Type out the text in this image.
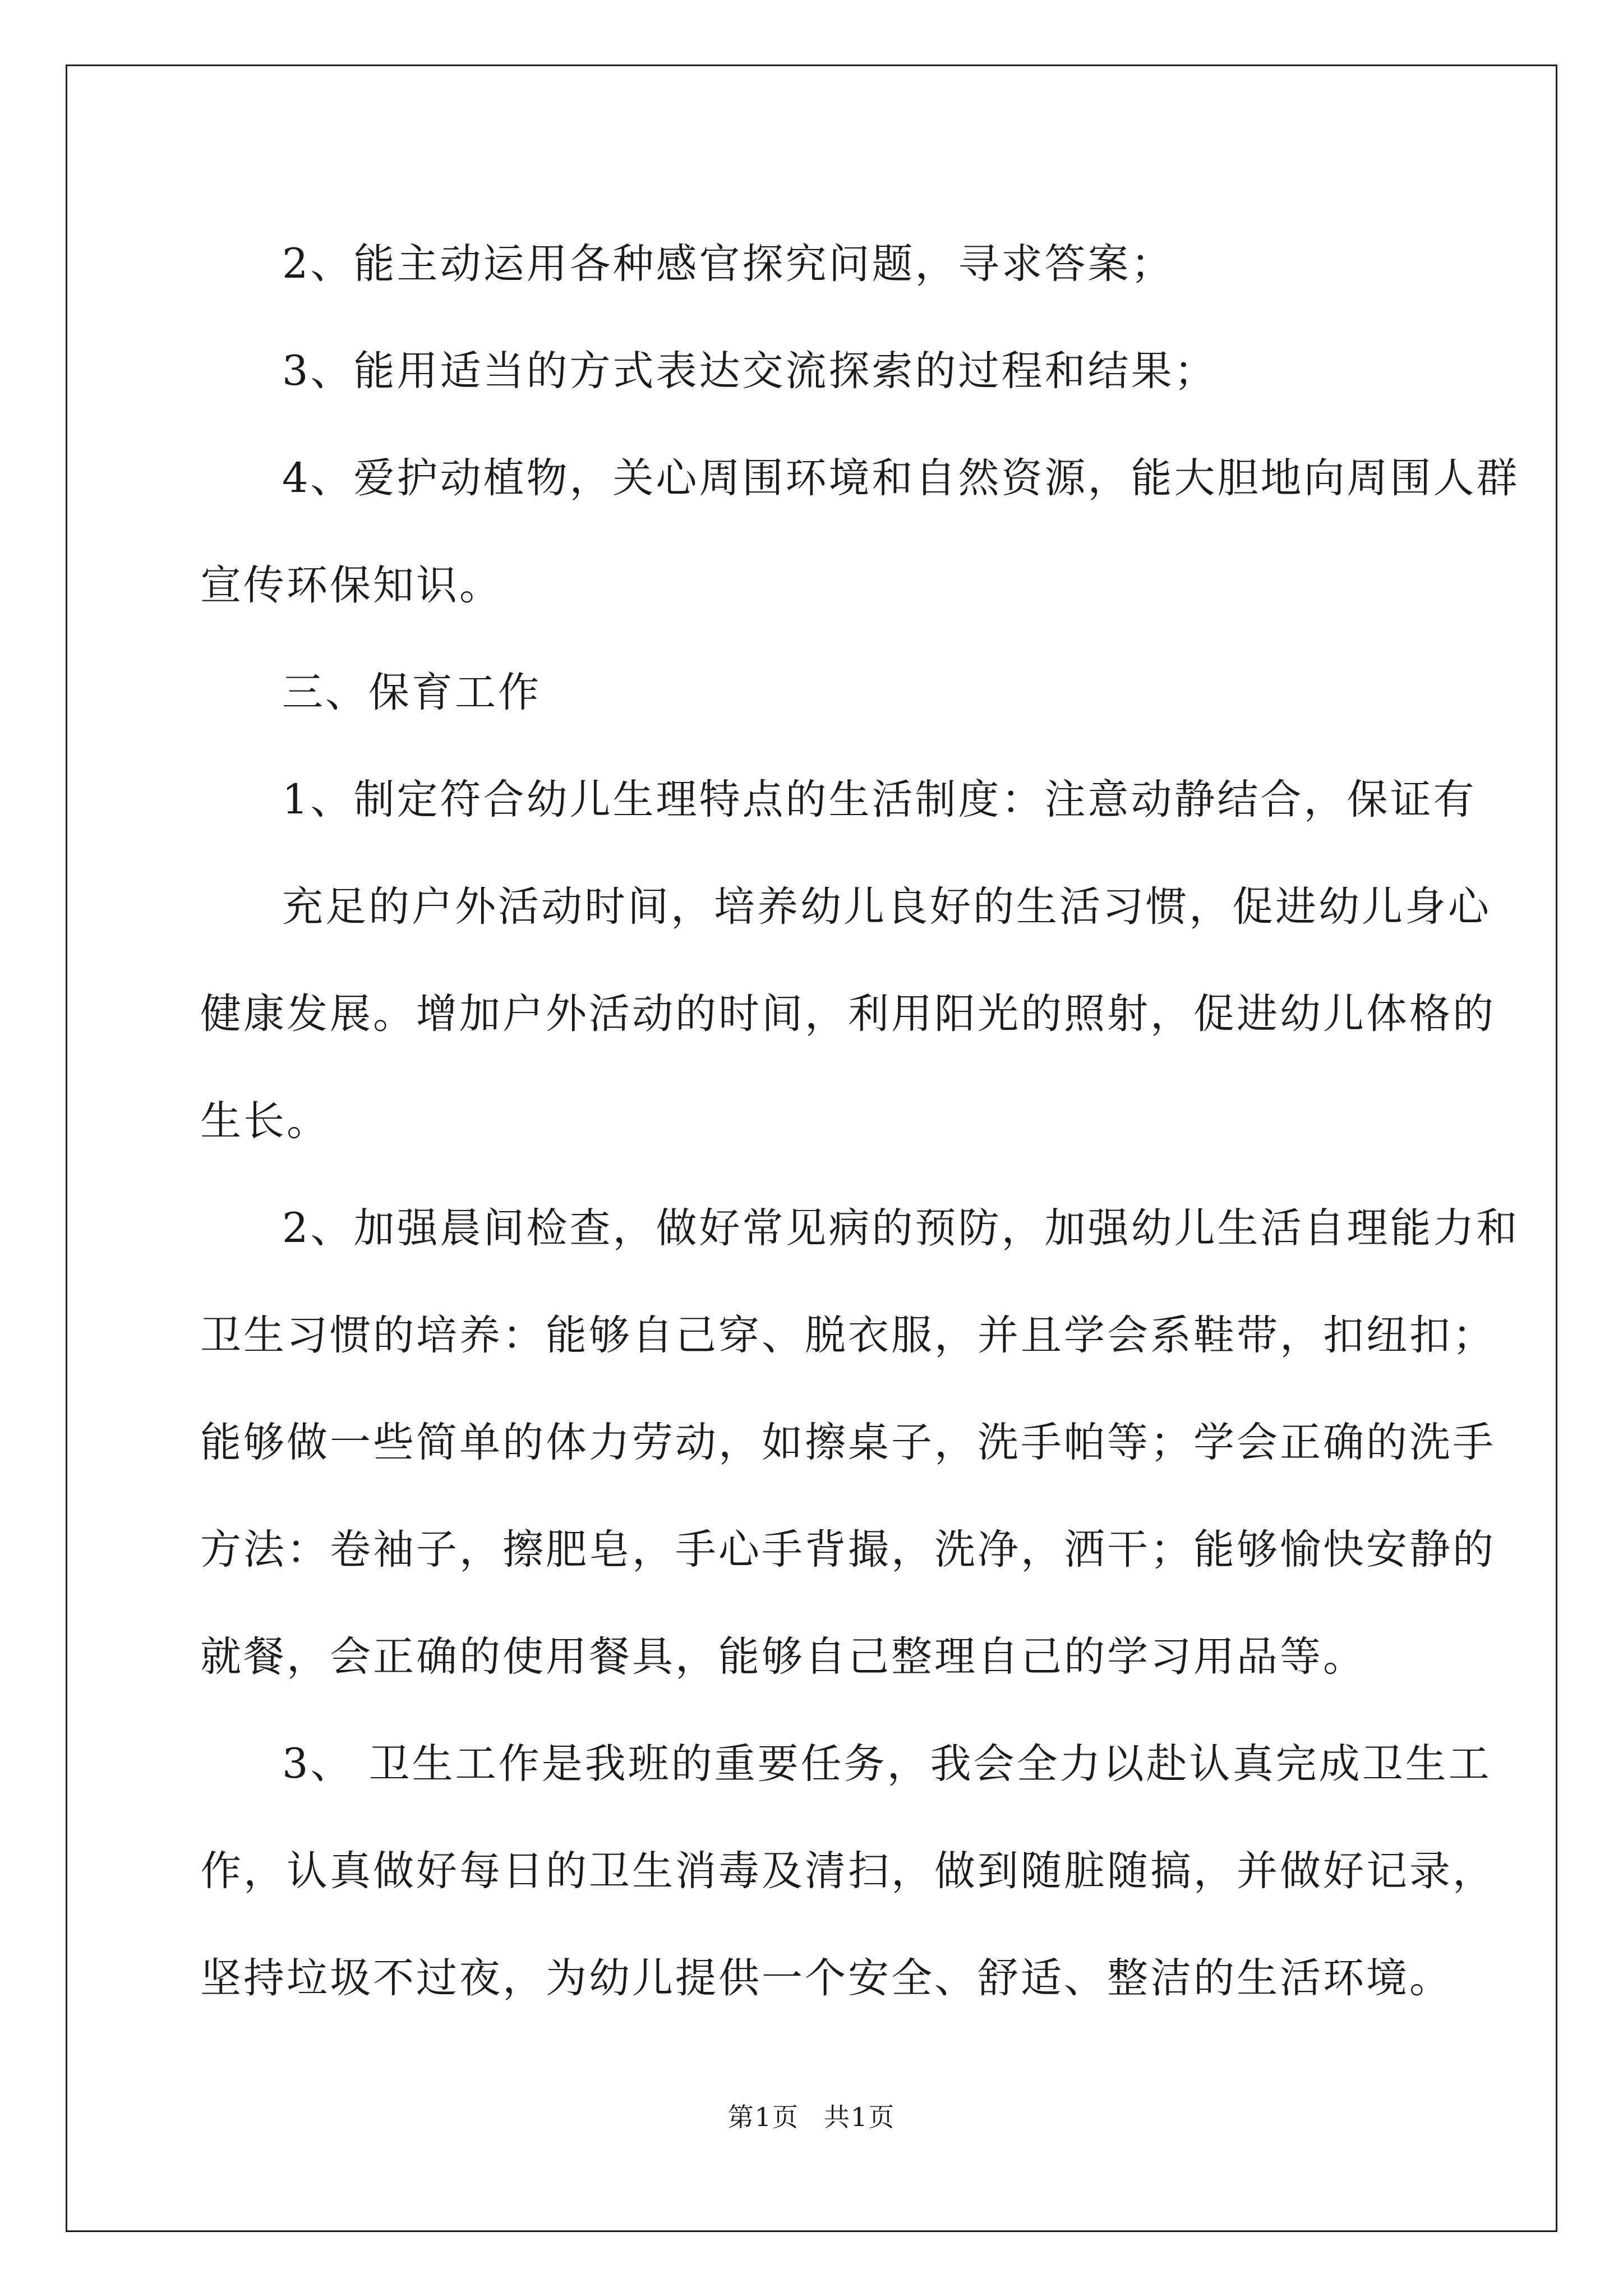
2、能主动运用各种感官探究问题，寻求答案；

3、能用适当的方式表达交流探索的过程和结果；

4、爱护动植物，关心周围环境和自然资源，能大胆地向周围人群

宣传环保知识。

三、保育工作

1、制定符合幼儿生理特点的生活制度：注意动静结合，保证有

充足的户外活动时间，培养幼儿良好的生活习惯，促进幼儿身心

健康发展。增加户外活动的时间，利用阳光的照射，促进幼儿体格的

生长。

2、加强晨间检查，做好常见病的预防，加强幼儿生活自理能力和

卫生习惯的培养：能够自己穿、脱衣服，并且学会系鞋带，扣纽扣；

能够做一些简单的体力劳动，如擦桌子，洗手帕等；学会正确的洗手

方法：卷袖子，擦肥皂，手心手背撮，洗净，洒干；能够愉快安静的

就餐，会正确的使用餐具，能够自己整理自己的学习用品等。

3、 卫生工作是我班的重要任务，我会全力以赴认真完成卫生工

作，认真做好每日的卫生消毒及清扫，做到随脏随搞，并做好记录，

坚持垃圾不过夜，为幼儿提供一个安全、舒适、整洁的生活环境。

第1页 共1页
